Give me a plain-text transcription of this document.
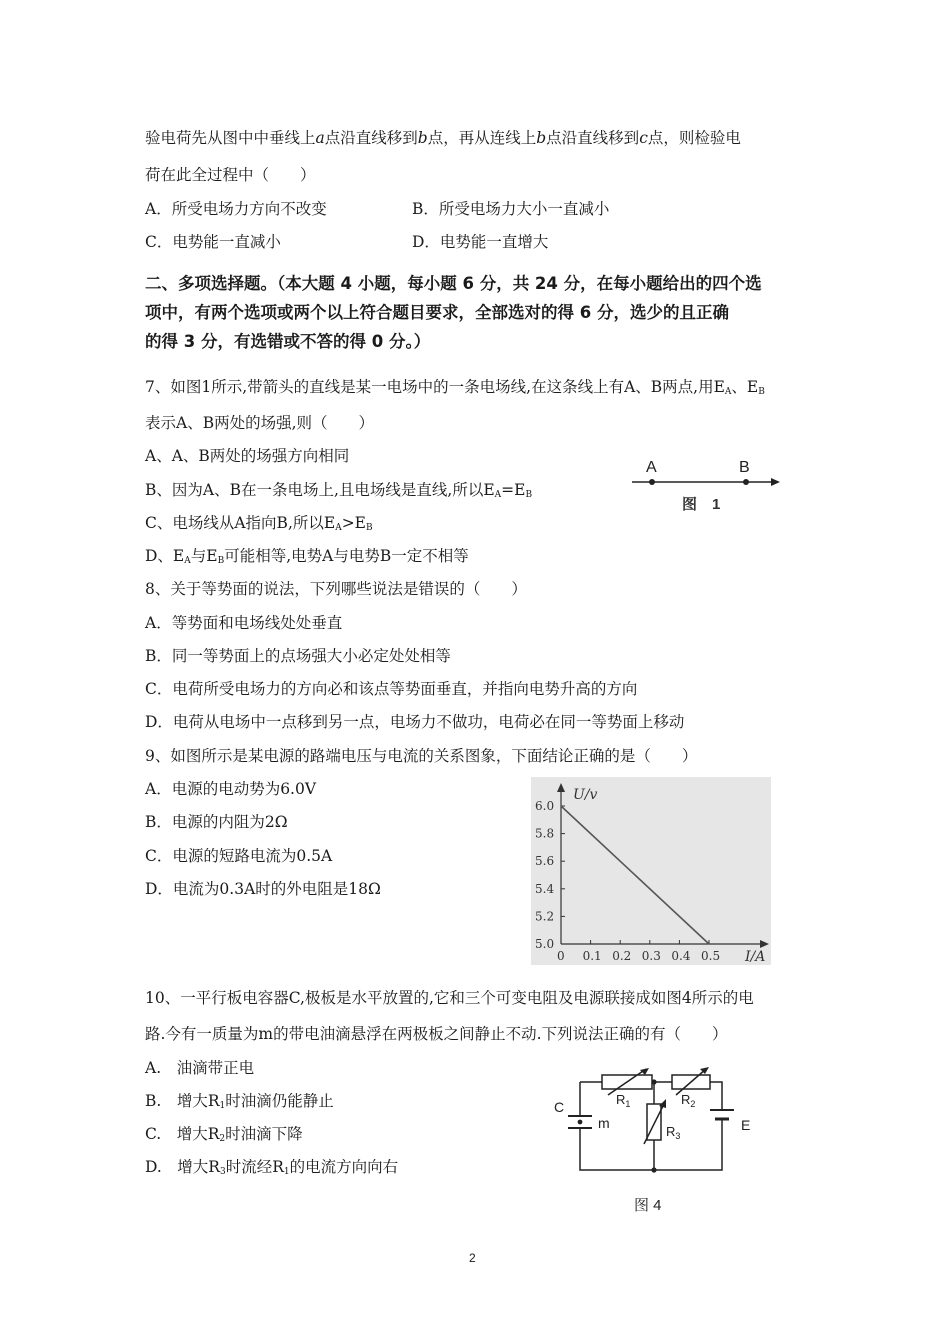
验电荷先从图中中垂线上a点沿直线移到b点，再从连线上b点沿直线移到c点，则检验电
荷在此全过程中（　　）
A．所受电场力方向不改变	B．所受电场力大小一直减小
C．电势能一直减小	D．电势能一直增大
二、多项选择题。（本大题 4 小题，每小题 6 分，共 24 分，在每小题给出的四个选
项中，有两个选项或两个以上符合题目要求，全部选对的得 6 分，选少的且正确
的得 3 分，有选错或不答的得 0 分。）
7、如图1所示,带箭头的直线是某一电场中的一条电场线,在这条线上有A、B两点,用$E_A$、$E_B$
表示A、B两处的场强,则（　　）
A、A、B两处的场强方向相同
B、因为A、B在一条电场上,且电场线是直线,所以$E_A=E_B$
C、电场线从A指向B,所以$E_A>E_B$
D、$E_A$与$E_B$可能相等,电势A与电势B一定不相等
A	B
图　1
8、关于等势面的说法，下列哪些说法是错误的（　　）
A．等势面和电场线处处垂直
B．同一等势面上的点场强大小必定处处相等
C．电荷所受电场力的方向必和该点等势面垂直，并指向电势升高的方向
D．电荷从电场中一点移到另一点，电场力不做功，电荷必在同一等势面上移动
9、如图所示是某电源的路端电压与电流的关系图象，下面结论正确的是（　　）
A．电源的电动势为6.0V
B．电源的内阻为2Ω
C．电源的短路电流为0.5A
D．电流为0.3A时的外电阻是18Ω
5.0
5.2
5.4
5.6
5.8
6.0
0 0.1 0.2 0.3 0.4 0.5
U/v
I/A
10、一平行板电容器C,极板是水平放置的,它和三个可变电阻及电源联接成如图4所示的电
路.今有一质量为m的带电油滴悬浮在两极板之间静止不动.下列说法正确的有（　　）
A.　油滴带正电
B.　增大$R_1$时油滴仍能静止
C.　增大$R_2$时油滴下降
D.　增大$R_3$时流经$R_1$的电流方向向右
C
m
$R_1$	$R_2$
$R_3$
E
图 4
2
